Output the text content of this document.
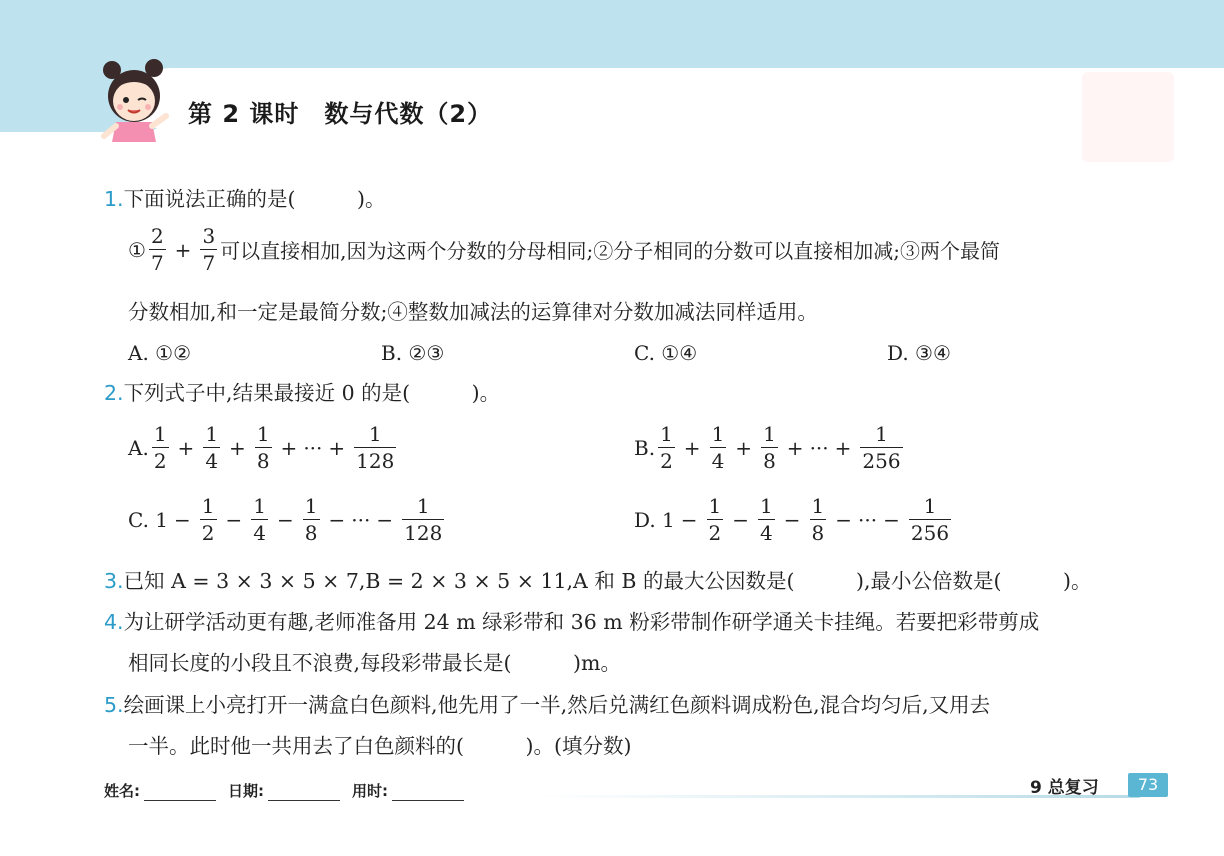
第 2 课时　数与代数（2）
1.下面说法正确的是(　　　)。
① $\frac{2}{7} + \frac{3}{7}$ 可以直接相加,因为这两个分数的分母相同;②分子相同的分数可以直接相加减;③两个最简
分数相加,和一定是最简分数;④整数加减法的运算律对分数加减法同样适用。
A. ①②	B. ②③	C. ①④	D. ③④
2.下列式子中,结果最接近 0 的是(　　　)。
A. $\frac{1}{2} + \frac{1}{4} + \frac{1}{8}$ + ··· + $\frac{1}{128}$	B. $\frac{1}{2} + \frac{1}{4} + \frac{1}{8}$ + ··· + $\frac{1}{256}$
C. $1 - \frac{1}{2} - \frac{1}{4} - \frac{1}{8}$ − ··· − $\frac{1}{128}$	D. $1 - \frac{1}{2} - \frac{1}{4} - \frac{1}{8}$ − ··· − $\frac{1}{256}$
3.已知 A = 3 × 3 × 5 × 7,B = 2 × 3 × 5 × 11,A 和 B 的最大公因数是(　　　),最小公倍数是(　　　)。
4.为让研学活动更有趣,老师准备用 24 m 绿彩带和 36 m 粉彩带制作研学通关卡挂绳。若要把彩带剪成
相同长度的小段且不浪费,每段彩带最长是(　　　)m。
5.绘画课上小亮打开一满盒白色颜料,他先用了一半,然后兑满红色颜料调成粉色,混合均匀后,又用去
一半。此时他一共用去了白色颜料的(　　　)。(填分数)
姓名:	日期:	用时:	9 总复习	73
